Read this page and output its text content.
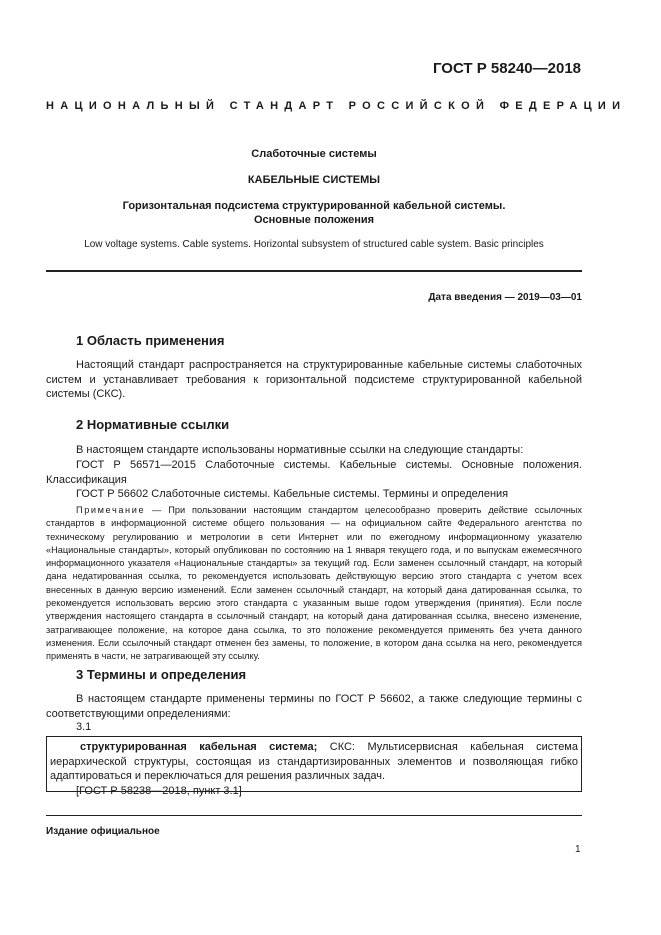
ГОСТ Р 58240—2018
НАЦИОНАЛЬНЫЙ СТАНДАРТ РОССИЙСКОЙ ФЕДЕРАЦИИ
Слаботочные системы
КАБЕЛЬНЫЕ СИСТЕМЫ
Горизонтальная подсистема структурированной кабельной системы.
Основные положения
Low voltage systems. Cable systems. Horizontal subsystem of structured cable system. Basic principles
Дата введения — 2019—03—01
1 Область применения
Настоящий стандарт распространяется на структурированные кабельные системы слаботочных систем и устанавливает требования к горизонтальной подсистеме структурированной кабельной системы (СКС).
2 Нормативные ссылки
В настоящем стандарте использованы нормативные ссылки на следующие стандарты:
ГОСТ Р 56571—2015 Слаботочные системы. Кабельные системы. Основные положения. Классификация
ГОСТ Р 56602 Слаботочные системы. Кабельные системы. Термины и определения
Примечание — При пользовании настоящим стандартом целесообразно проверить действие ссылочных стандартов в информационной системе общего пользования — на официальном сайте Федерального агентства по техническому регулированию и метрологии в сети Интернет или по ежегодному информационному указателю «Национальные стандарты», который опубликован по состоянию на 1 января текущего года, и по выпускам ежемесячного информационного указателя «Национальные стандарты» за текущий год. Если заменен ссылочный стандарт, на который дана недатированная ссылка, то рекомендуется использовать действующую версию этого стандарта с учетом всех внесенных в данную версию изменений. Если заменен ссылочный стандарт, на который дана датированная ссылка, то рекомендуется использовать версию этого стандарта с указанным выше годом утверждения (принятия). Если после утверждения настоящего стандарта в ссылочный стандарт, на который дана датированная ссылка, внесено изменение, затрагивающее положение, на которое дана ссылка, то это положение рекомендуется применять без учета данного изменения. Если ссылочный стандарт отменен без замены, то положение, в котором дана ссылка на него, рекомендуется применять в части, не затрагивающей эту ссылку.
3 Термины и определения
В настоящем стандарте применены термины по ГОСТ Р 56602, а также следующие термины с соответствующими определениями:
3.1
структурированная кабельная система; СКС: Мультисервисная кабельная система иерархической структуры, состоящая из стандартизированных элементов и позволяющая гибко адаптироваться и переключаться для решения различных задач.
[ГОСТ Р 58238—2018, пункт 3.1]
Издание официальное
1
